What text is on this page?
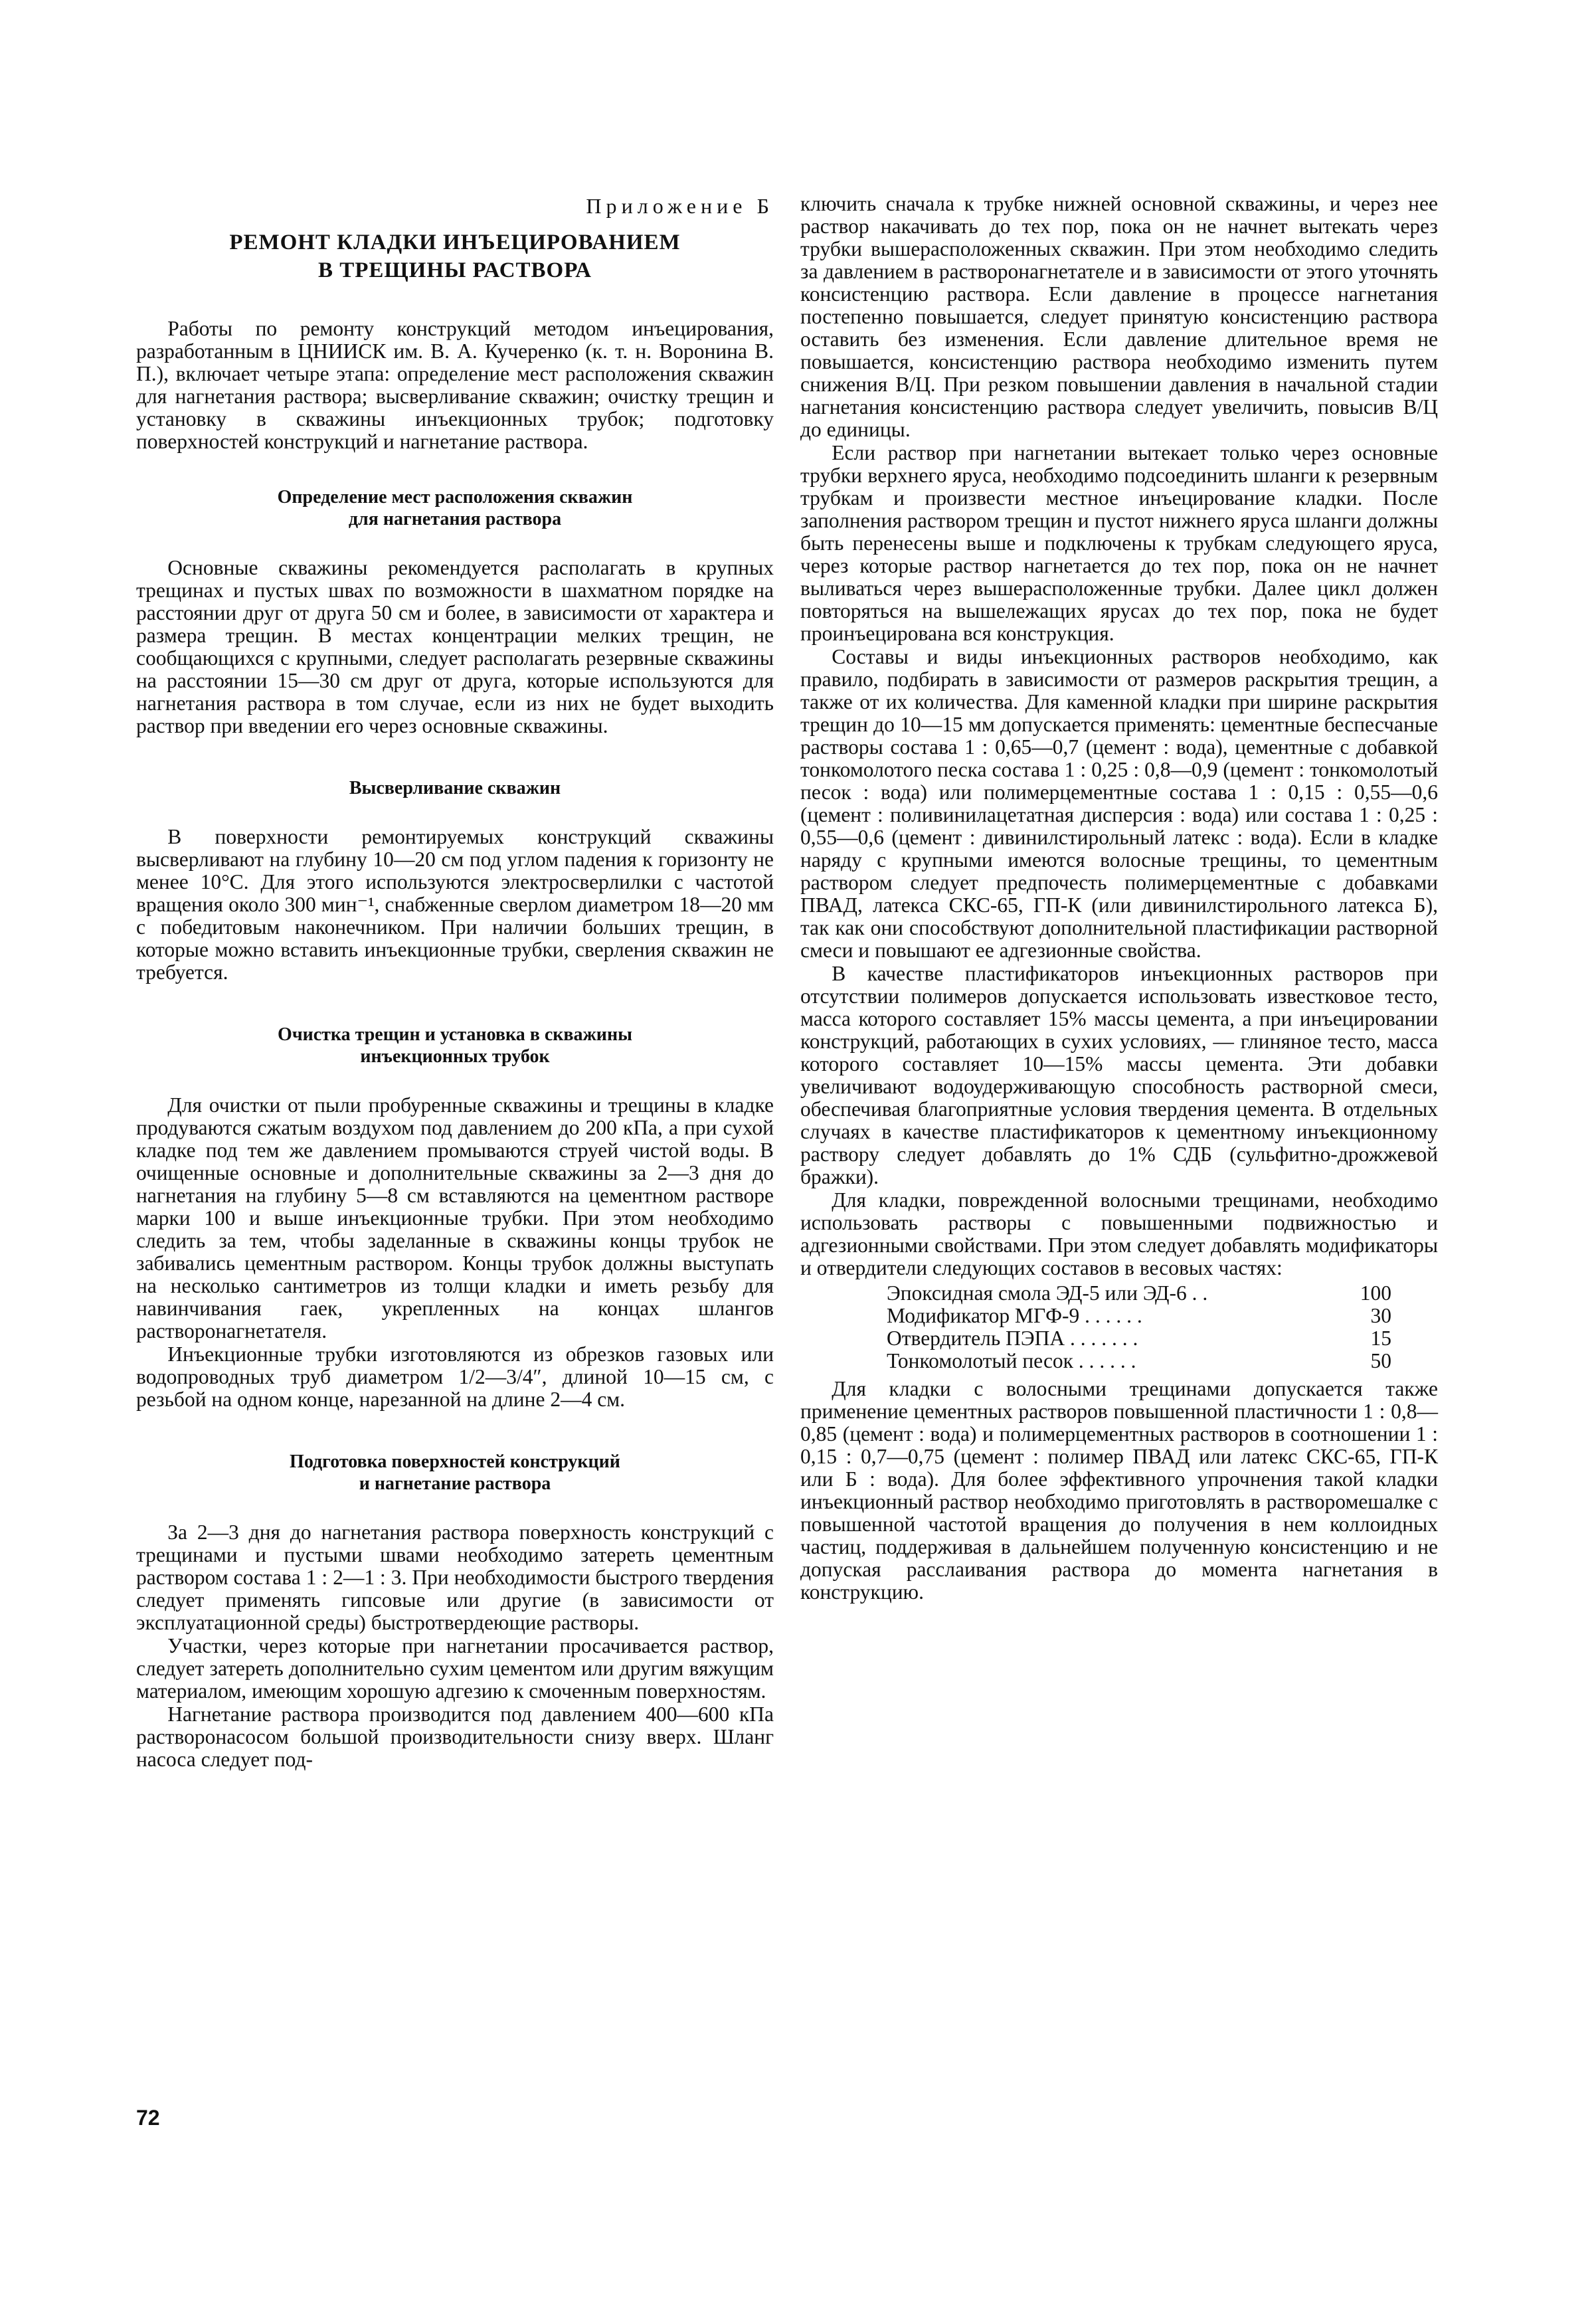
Приложение Б
РЕМОНТ КЛАДКИ ИНЪЕЦИРОВАНИЕМ
В ТРЕЩИНЫ РАСТВОРА

Работы по ремонту конструкций методом инъецирования, разработанным в ЦНИИСК им. В. А. Кучеренко (к. т. н. Воронина В. П.), включает четыре этапа: определение мест расположения скважин для нагнетания раствора; высверливание скважин; очистку трещин и установку в скважины инъекционных трубок; подготовку поверхностей конструкций и нагнетание раствора.

Определение мест расположения скважин
для нагнетания раствора

Основные скважины рекомендуется располагать в крупных трещинах и пустых швах по возможности в шахматном порядке на расстоянии друг от друга 50 см и более, в зависимости от характера и размера трещин. В местах концентрации мелких трещин, не сообщающихся с крупными, следует располагать резервные скважины на расстоянии 15—30 см друг от друга, которые используются для нагнетания раствора в том случае, если из них не будет выходить раствор при введении его через основные скважины.

Высверливание скважин

В поверхности ремонтируемых конструкций скважины высверливают на глубину 10—20 см под углом падения к горизонту не менее 10°С. Для этого используются электросверлилки с частотой вращения около 300 мин⁻¹, снабженные сверлом диаметром 18—20 мм с победитовым наконечником. При наличии больших трещин, в которые можно вставить инъекционные трубки, сверления скважин не требуется.

Очистка трещин и установка в скважины
инъекционных трубок

Для очистки от пыли пробуренные скважины и трещины в кладке продуваются сжатым воздухом под давлением до 200 кПа, а при сухой кладке под тем же давлением промываются струей чистой воды. В очищенные основные и дополнительные скважины за 2—3 дня до нагнетания на глубину 5—8 см вставляются на цементном растворе марки 100 и выше инъекционные трубки. При этом необходимо следить за тем, чтобы заделанные в скважины концы трубок не забивались цементным раствором. Концы трубок должны выступать на несколько сантиметров из толщи кладки и иметь резьбу для навинчивания гаек, укрепленных на концах шлангов растворонагнетателя.

Инъекционные трубки изготовляются из обрезков газовых или водопроводных труб диаметром 1/2—3/4″, длиной 10—15 см, с резьбой на одном конце, нарезанной на длине 2—4 см.

Подготовка поверхностей конструкций
и нагнетание раствора

За 2—3 дня до нагнетания раствора поверхность конструкций с трещинами и пустыми швами необходимо затереть цементным раствором состава 1 : 2—1 : 3. При необходимости быстрого твердения следует применять гипсовые или другие (в зависимости от эксплуатационной среды) быстротвердеющие растворы.

Участки, через которые при нагнетании просачивается раствор, следует затереть дополнительно сухим цементом или другим вяжущим материалом, имеющим хорошую адгезию к смоченным поверхностям.

Нагнетание раствора производится под давлением 400—600 кПа растворонасосом большой производительности снизу вверх. Шланг насоса следует под-

ключить сначала к трубке нижней основной скважины, и через нее раствор накачивать до тех пор, пока он не начнет вытекать через трубки вышерасположенных скважин. При этом необходимо следить за давлением в растворонагнетателе и в зависимости от этого уточнять консистенцию раствора. Если давление в процессе нагнетания постепенно повышается, следует принятую консистенцию раствора оставить без изменения. Если давление длительное время не повышается, консистенцию раствора необходимо изменить путем снижения В/Ц. При резком повышении давления в начальной стадии нагнетания консистенцию раствора следует увеличить, повысив В/Ц до единицы.

Если раствор при нагнетании вытекает только через основные трубки верхнего яруса, необходимо подсоединить шланги к резервным трубкам и произвести местное инъецирование кладки. После заполнения раствором трещин и пустот нижнего яруса шланги должны быть перенесены выше и подключены к трубкам следующего яруса, через которые раствор нагнетается до тех пор, пока он не начнет выливаться через вышерасположенные трубки. Далее цикл должен повторяться на вышележащих ярусах до тех пор, пока не будет проинъецирована вся конструкция.

Составы и виды инъекционных растворов необходимо, как правило, подбирать в зависимости от размеров раскрытия трещин, а также от их количества. Для каменной кладки при ширине раскрытия трещин до 10—15 мм допускается применять: цементные беспесчаные растворы состава 1 : 0,65—0,7 (цемент : вода), цементные с добавкой тонкомолотого песка состава 1 : 0,25 : 0,8—0,9 (цемент : тонкомолотый песок : вода) или полимерцементные состава 1 : 0,15 : 0,55—0,6 (цемент : поливинилацетатная дисперсия : вода) или состава 1 : 0,25 : 0,55—0,6 (цемент : дивинилстирольный латекс : вода). Если в кладке наряду с крупными имеются волосные трещины, то цементным раствором следует предпочесть полимерцементные с добавками ПВАД, латекса СКС-65, ГП-К (или дивинилстирольного латекса Б), так как они способствуют дополнительной пластификации растворной смеси и повышают ее адгезионные свойства.

В качестве пластификаторов инъекционных растворов при отсутствии полимеров допускается использовать известковое тесто, масса которого составляет 15% массы цемента, а при инъецировании конструкций, работающих в сухих условиях, — глиняное тесто, масса которого составляет 10—15% массы цемента. Эти добавки увеличивают водоудерживающую способность растворной смеси, обеспечивая благоприятные условия твердения цемента. В отдельных случаях в качестве пластификаторов к цементному инъекционному раствору следует добавлять до 1% СДБ (сульфитно-дрожжевой бражки).

Для кладки, поврежденной волосными трещинами, необходимо использовать растворы с повышенными подвижностью и адгезионными свойствами. При этом следует добавлять модификаторы и отвердители следующих составов в весовых частях:

Эпоксидная смола ЭД-5 или ЭД-6 . .	100
Модификатор МГФ-9 . . . . . .	30
Отвердитель ПЭПА . . . . . . .	15
Тонкомолотый песок . . . . . .	50

Для кладки с волосными трещинами допускается также применение цементных растворов повышенной пластичности 1 : 0,8—0,85 (цемент : вода) и полимерцементных растворов в соотношении 1 : 0,15 : 0,7—0,75 (цемент : полимер ПВАД или латекс СКС-65, ГП-К или Б : вода). Для более эффективного упрочнения такой кладки инъекционный раствор необходимо приготовлять в растворомешалке с повышенной частотой вращения до получения в нем коллоидных частиц, поддерживая в дальнейшем полученную консистенцию и не допуская расслаивания раствора до момента нагнетания в конструкцию.

72
